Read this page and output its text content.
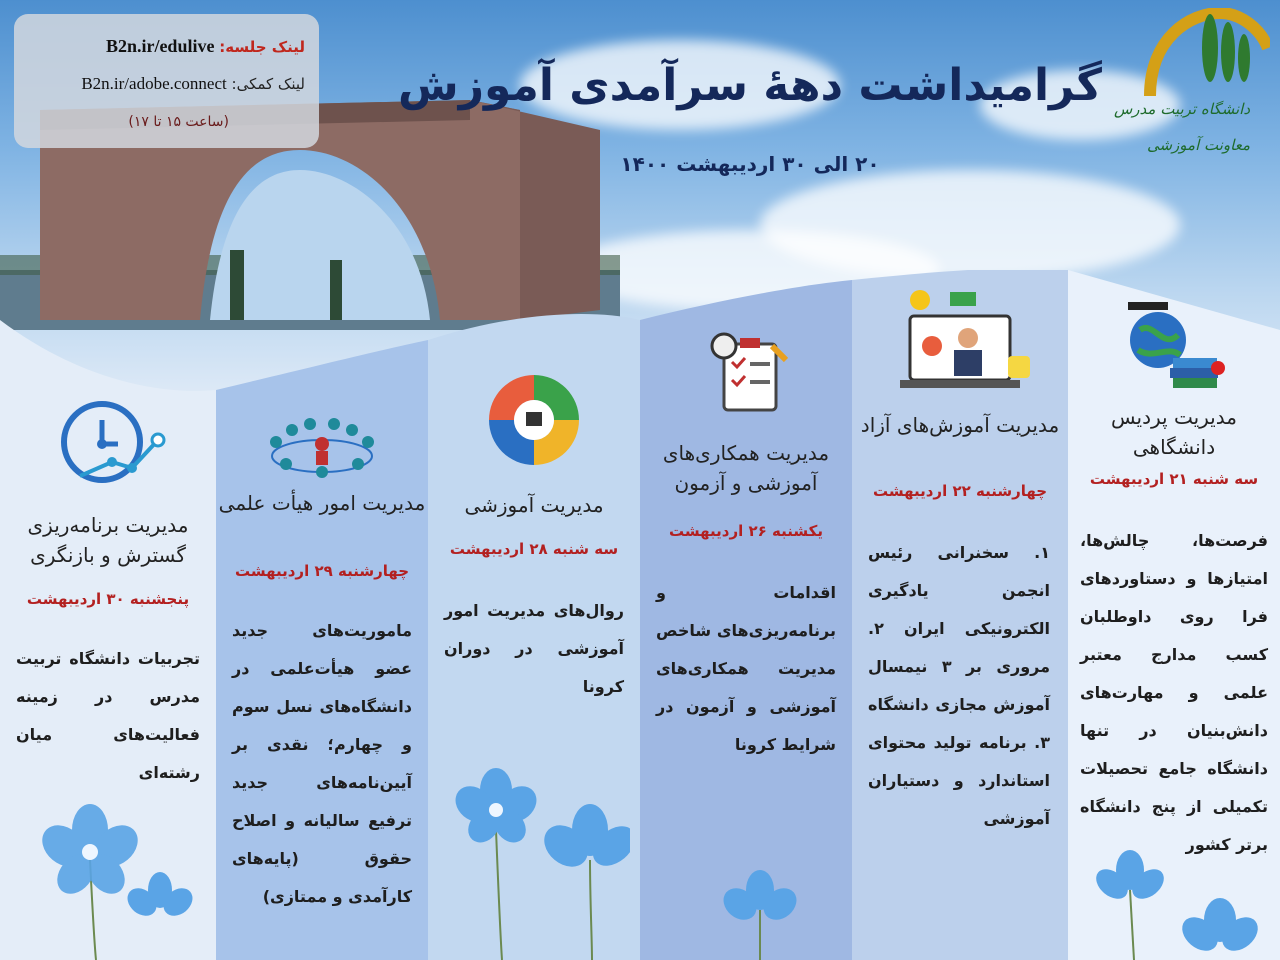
لینک جلسه: B2n.ir/edulive
لینک کمکی: B2n.ir/adobe.connect
(ساعت ۱۵ تا ۱۷)
گرامیداشت دهۀ سرآمدی آموزش
۲۰ الی ۳۰ اردیبهشت ۱۴۰۰
دانشگاه تربیت مدرس
معاونت آموزشی
مدیریت پردیس دانشگاهی
سه شنبه ۲۱ اردیبهشت
فرصت‌ها، چالش‌ها، امتیازها و دستاوردهای فرا روی داوطلبان کسب مدارج معتبر علمی و مهارت‌های دانش‌بنیان در تنها دانشگاه جامع تحصیلات تکمیلی از پنج دانشگاه برتر کشور
مدیریت آموزش‌های آزاد
چهارشنبه ۲۲ اردیبهشت
۱. سخنرانی رئیس انجمن یادگیری الکترونیکی ایران ۲. مروری بر ۳ نیمسال آموزش مجازی دانشگاه ۳. برنامه تولید محتوای استاندارد و دستیاران آموزشی
مدیریت همکاری‌های آموزشی و آزمون
یکشنبه ۲۶ اردیبهشت
اقدامات و برنامه‌ریزی‌های شاخص مدیریت همکاری‌های آموزشی و آزمون در شرایط کرونا
مدیریت آموزشی
سه شنبه ۲۸ اردیبهشت
روال‌های مدیریت امور آموزشی در دوران کرونا
مدیریت امور هیأت علمی
چهارشنبه ۲۹ اردیبهشت
ماموریت‌های جدید عضو هیأت‌علمی در دانشگاه‌های نسل سوم و چهارم؛ نقدی بر آیین‌نامه‌های جدید ترفیع سالیانه و اصلاح حقوق (پایه‌های کارآمدی و ممتازی)
مدیریت برنامه‌ریزی گسترش و بازنگری
پنجشنبه ۳۰ اردیبهشت
تجربیات دانشگاه تربیت مدرس در زمینه فعالیت‌های میان رشته‌ای
